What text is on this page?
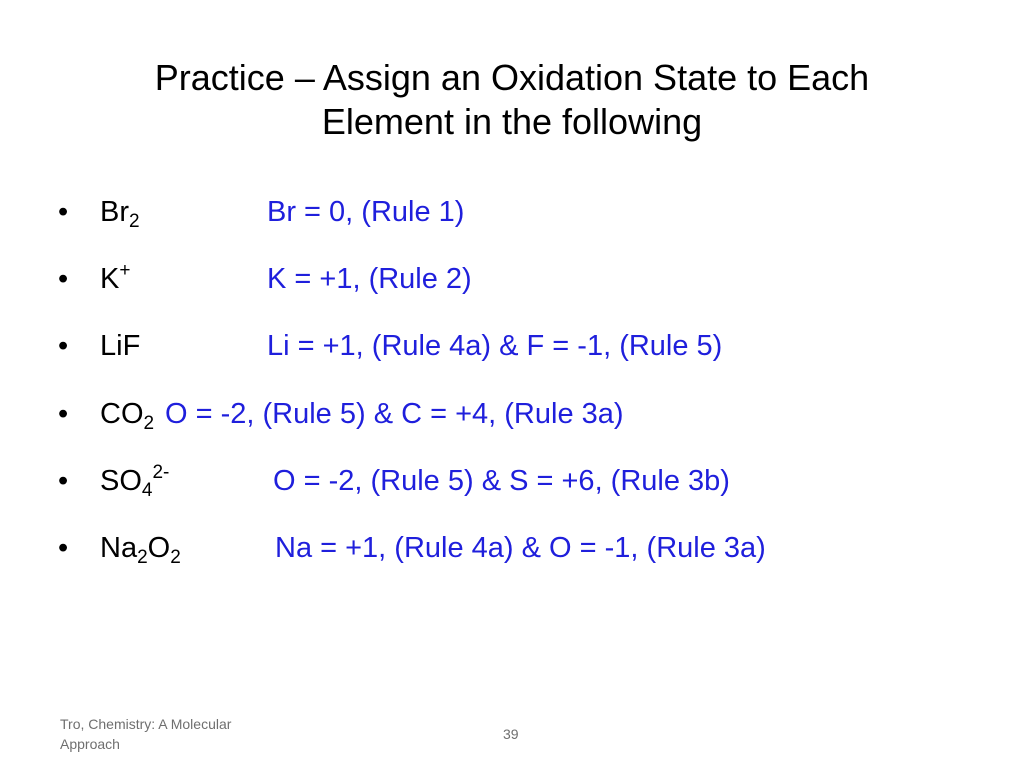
Practice – Assign an Oxidation State to Each
Element in the following
• $Br_2$	Br = 0, (Rule 1)
• K+	K = +1, (Rule 2)
• LiF	Li = +1, (Rule 4a) & F = -1, (Rule 5)
• $CO_2$ O = -2, (Rule 5) & C = +4, (Rule 3a)
• $SO_4^{2-}$	O = -2, (Rule 5) & S = +6, (Rule 3b)
• $Na_2O_2$	Na = +1, (Rule 4a) & O = -1, (Rule 3a)
Tro, Chemistry: A Molecular Approach
39
